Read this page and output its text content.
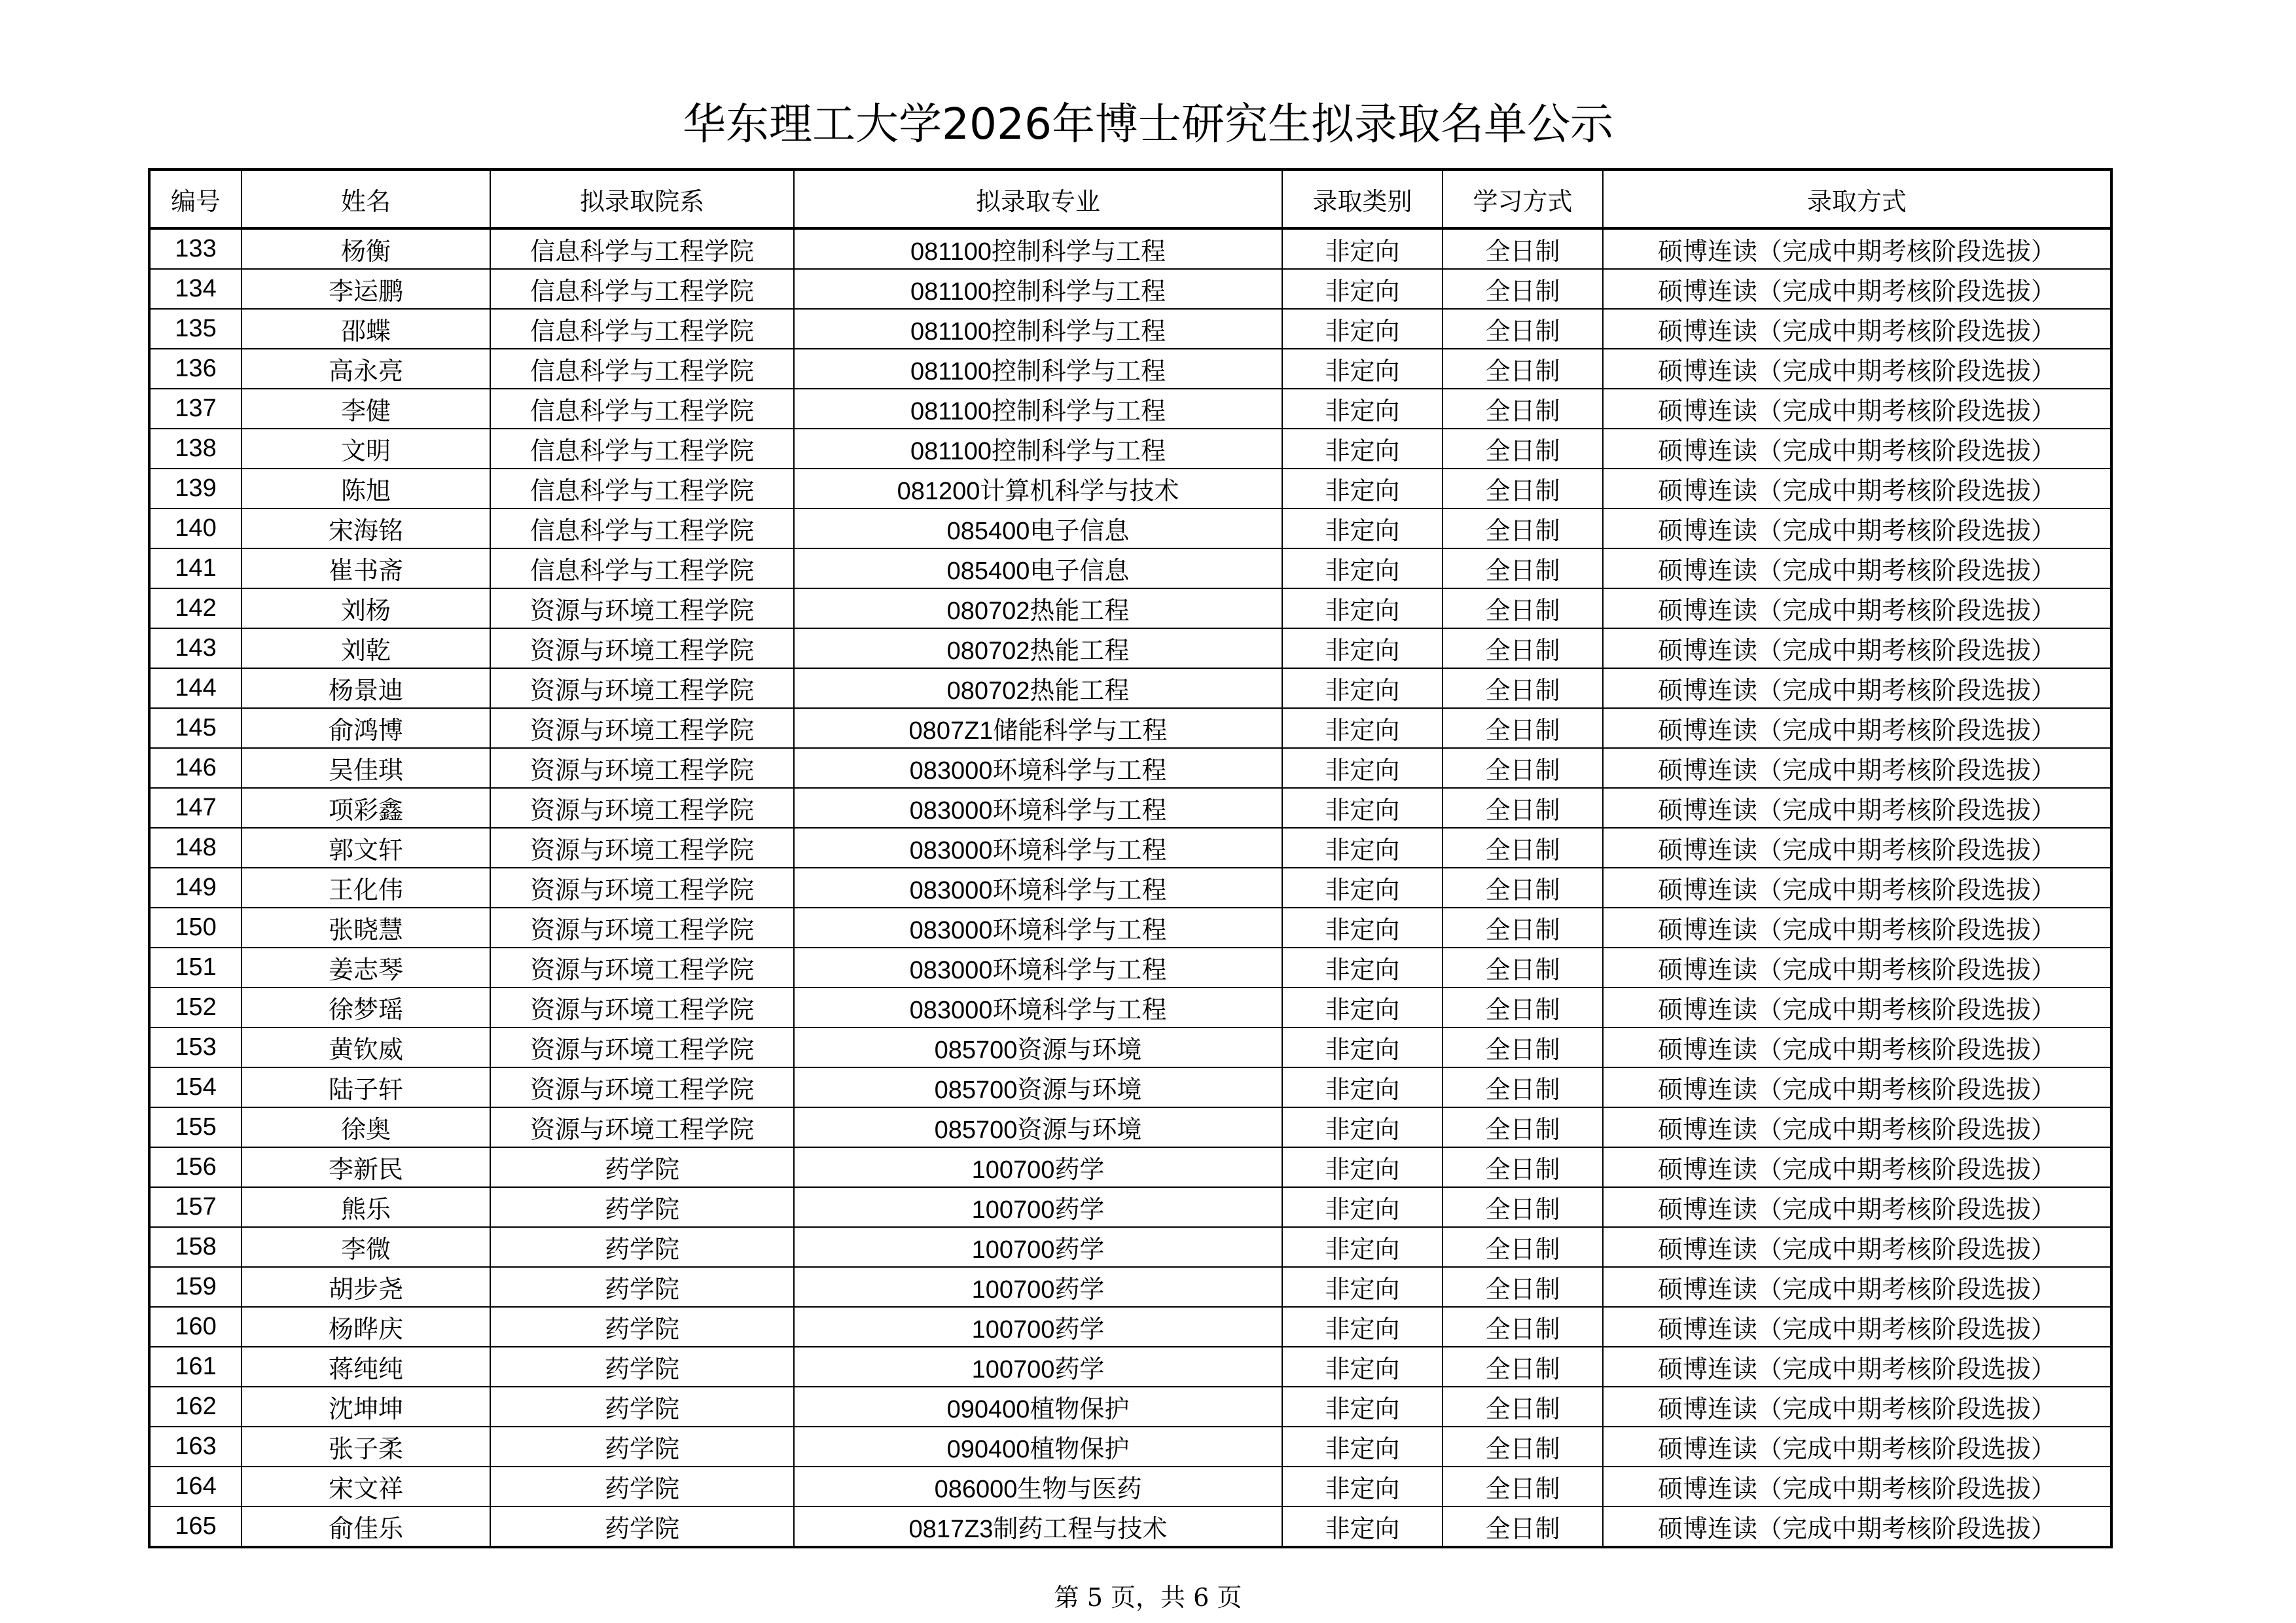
华东理工大学2026年博士研究生拟录取名单公示
编号	姓名	拟录取院系	拟录取专业	录取类别	学习方式	录取方式
133	杨衡	信息科学与工程学院	081100控制科学与工程	非定向	全日制	硕博连读（完成中期考核阶段选拔）
134	李运鹏	信息科学与工程学院	081100控制科学与工程	非定向	全日制	硕博连读（完成中期考核阶段选拔）
135	邵蝶	信息科学与工程学院	081100控制科学与工程	非定向	全日制	硕博连读（完成中期考核阶段选拔）
136	高永亮	信息科学与工程学院	081100控制科学与工程	非定向	全日制	硕博连读（完成中期考核阶段选拔）
137	李健	信息科学与工程学院	081100控制科学与工程	非定向	全日制	硕博连读（完成中期考核阶段选拔）
138	文明	信息科学与工程学院	081100控制科学与工程	非定向	全日制	硕博连读（完成中期考核阶段选拔）
139	陈旭	信息科学与工程学院	081200计算机科学与技术	非定向	全日制	硕博连读（完成中期考核阶段选拔）
140	宋海铭	信息科学与工程学院	085400电子信息	非定向	全日制	硕博连读（完成中期考核阶段选拔）
141	崔书斋	信息科学与工程学院	085400电子信息	非定向	全日制	硕博连读（完成中期考核阶段选拔）
142	刘杨	资源与环境工程学院	080702热能工程	非定向	全日制	硕博连读（完成中期考核阶段选拔）
143	刘乾	资源与环境工程学院	080702热能工程	非定向	全日制	硕博连读（完成中期考核阶段选拔）
144	杨景迪	资源与环境工程学院	080702热能工程	非定向	全日制	硕博连读（完成中期考核阶段选拔）
145	俞鸿博	资源与环境工程学院	0807Z1储能科学与工程	非定向	全日制	硕博连读（完成中期考核阶段选拔）
146	吴佳琪	资源与环境工程学院	083000环境科学与工程	非定向	全日制	硕博连读（完成中期考核阶段选拔）
147	项彩鑫	资源与环境工程学院	083000环境科学与工程	非定向	全日制	硕博连读（完成中期考核阶段选拔）
148	郭文轩	资源与环境工程学院	083000环境科学与工程	非定向	全日制	硕博连读（完成中期考核阶段选拔）
149	王化伟	资源与环境工程学院	083000环境科学与工程	非定向	全日制	硕博连读（完成中期考核阶段选拔）
150	张晓慧	资源与环境工程学院	083000环境科学与工程	非定向	全日制	硕博连读（完成中期考核阶段选拔）
151	姜志琴	资源与环境工程学院	083000环境科学与工程	非定向	全日制	硕博连读（完成中期考核阶段选拔）
152	徐梦瑶	资源与环境工程学院	083000环境科学与工程	非定向	全日制	硕博连读（完成中期考核阶段选拔）
153	黄钦威	资源与环境工程学院	085700资源与环境	非定向	全日制	硕博连读（完成中期考核阶段选拔）
154	陆子轩	资源与环境工程学院	085700资源与环境	非定向	全日制	硕博连读（完成中期考核阶段选拔）
155	徐奥	资源与环境工程学院	085700资源与环境	非定向	全日制	硕博连读（完成中期考核阶段选拔）
156	李新民	药学院	100700药学	非定向	全日制	硕博连读（完成中期考核阶段选拔）
157	熊乐	药学院	100700药学	非定向	全日制	硕博连读（完成中期考核阶段选拔）
158	李微	药学院	100700药学	非定向	全日制	硕博连读（完成中期考核阶段选拔）
159	胡步尧	药学院	100700药学	非定向	全日制	硕博连读（完成中期考核阶段选拔）
160	杨晔庆	药学院	100700药学	非定向	全日制	硕博连读（完成中期考核阶段选拔）
161	蒋纯纯	药学院	100700药学	非定向	全日制	硕博连读（完成中期考核阶段选拔）
162	沈坤坤	药学院	090400植物保护	非定向	全日制	硕博连读（完成中期考核阶段选拔）
163	张子柔	药学院	090400植物保护	非定向	全日制	硕博连读（完成中期考核阶段选拔）
164	宋文祥	药学院	086000生物与医药	非定向	全日制	硕博连读（完成中期考核阶段选拔）
165	俞佳乐	药学院	0817Z3制药工程与技术	非定向	全日制	硕博连读（完成中期考核阶段选拔）
第 5 页，共 6 页
